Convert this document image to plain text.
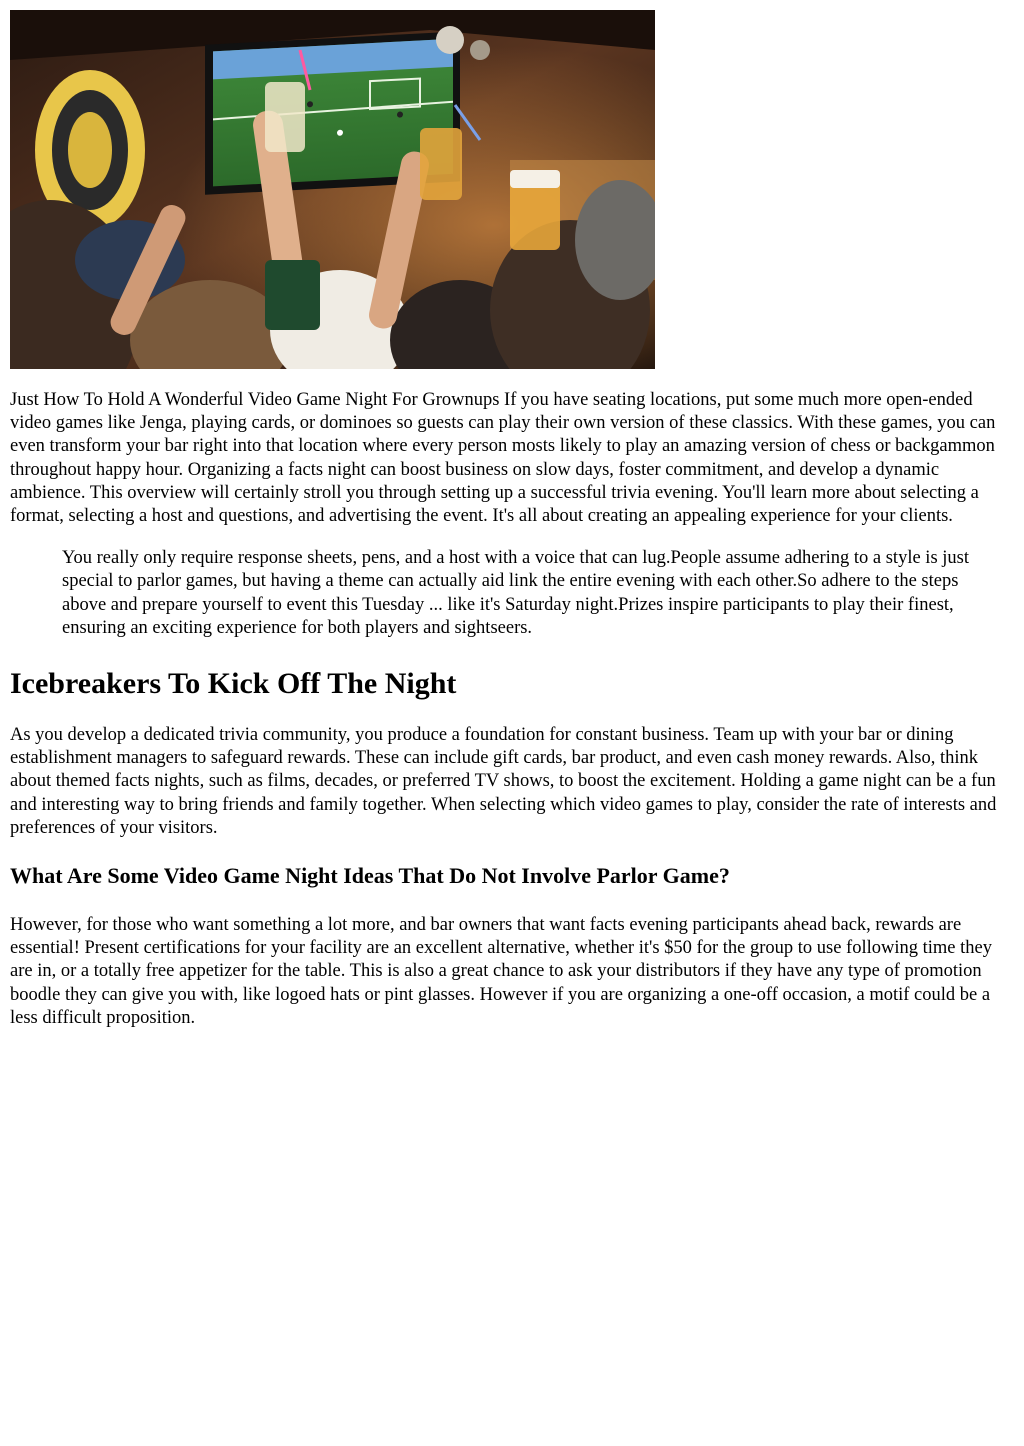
Just How To Hold A Wonderful Video Game Night For Grownups If you have seating locations, put some much more open-ended video games like Jenga, playing cards, or dominoes so guests can play their own version of these classics. With these games, you can even transform your bar right into that location where every person mosts likely to play an amazing version of chess or backgammon throughout happy hour. Organizing a facts night can boost business on slow days, foster commitment, and develop a dynamic ambience. This overview will certainly stroll you through setting up a successful trivia evening. You'll learn more about selecting a format, selecting a host and questions, and advertising the event. It's all about creating an appealing experience for your clients.

You really only require response sheets, pens, and a host with a voice that can lug.People assume adhering to a style is just special to parlor games, but having a theme can actually aid link the entire evening with each other.So adhere to the steps above and prepare yourself to event this Tuesday ... like it's Saturday night.Prizes inspire participants to play their finest, ensuring an exciting experience for both players and sightseers.
Icebreakers To Kick Off The Night

As you develop a dedicated trivia community, you produce a foundation for constant business. Team up with your bar or dining establishment managers to safeguard rewards. These can include gift cards, bar product, and even cash money rewards. Also, think about themed facts nights, such as films, decades, or preferred TV shows, to boost the excitement. Holding a game night can be a fun and interesting way to bring friends and family together. When selecting which video games to play, consider the rate of interests and preferences of your visitors.

What Are Some Video Game Night Ideas That Do Not Involve Parlor Game?

However, for those who want something a lot more, and bar owners that want facts evening participants ahead back, rewards are essential! Present certifications for your facility are an excellent alternative, whether it's $50 for the group to use following time they are in, or a totally free appetizer for the table. This is also a great chance to ask your distributors if they have any type of promotion boodle they can give you with, like logoed hats or pint glasses. However if you are organizing a one-off occasion, a motif could be a less difficult proposition.
